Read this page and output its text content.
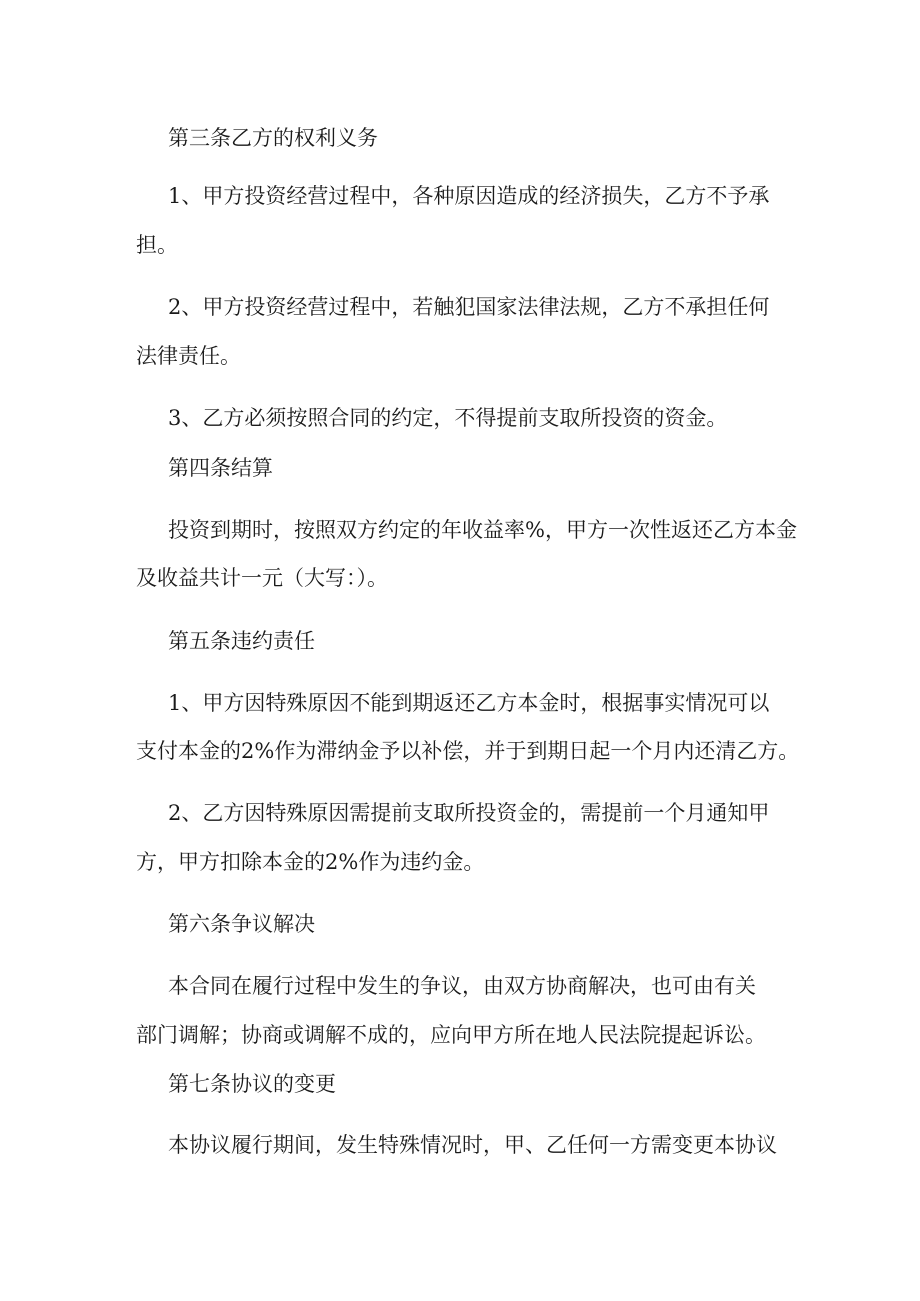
第三条乙方的权利义务
1、甲方投资经营过程中，各种原因造成的经济损失，乙方不予承
担。
2、甲方投资经营过程中，若触犯国家法律法规，乙方不承担任何
法律责任。
3、乙方必须按照合同的约定，不得提前支取所投资的资金。
第四条结算
投资到期时，按照双方约定的年收益率%，甲方一次性返还乙方本金
及收益共计一元（大写：）。
第五条违约责任
1、甲方因特殊原因不能到期返还乙方本金时，根据事实情况可以
支付本金的2%作为滞纳金予以补偿，并于到期日起一个月内还清乙方。
2、乙方因特殊原因需提前支取所投资金的，需提前一个月通知甲
方，甲方扣除本金的2%作为违约金。
第六条争议解决
本合同在履行过程中发生的争议，由双方协商解决，也可由有关
部门调解；协商或调解不成的，应向甲方所在地人民法院提起诉讼。
第七条协议的变更
本协议履行期间，发生特殊情况时，甲、乙任何一方需变更本协议
